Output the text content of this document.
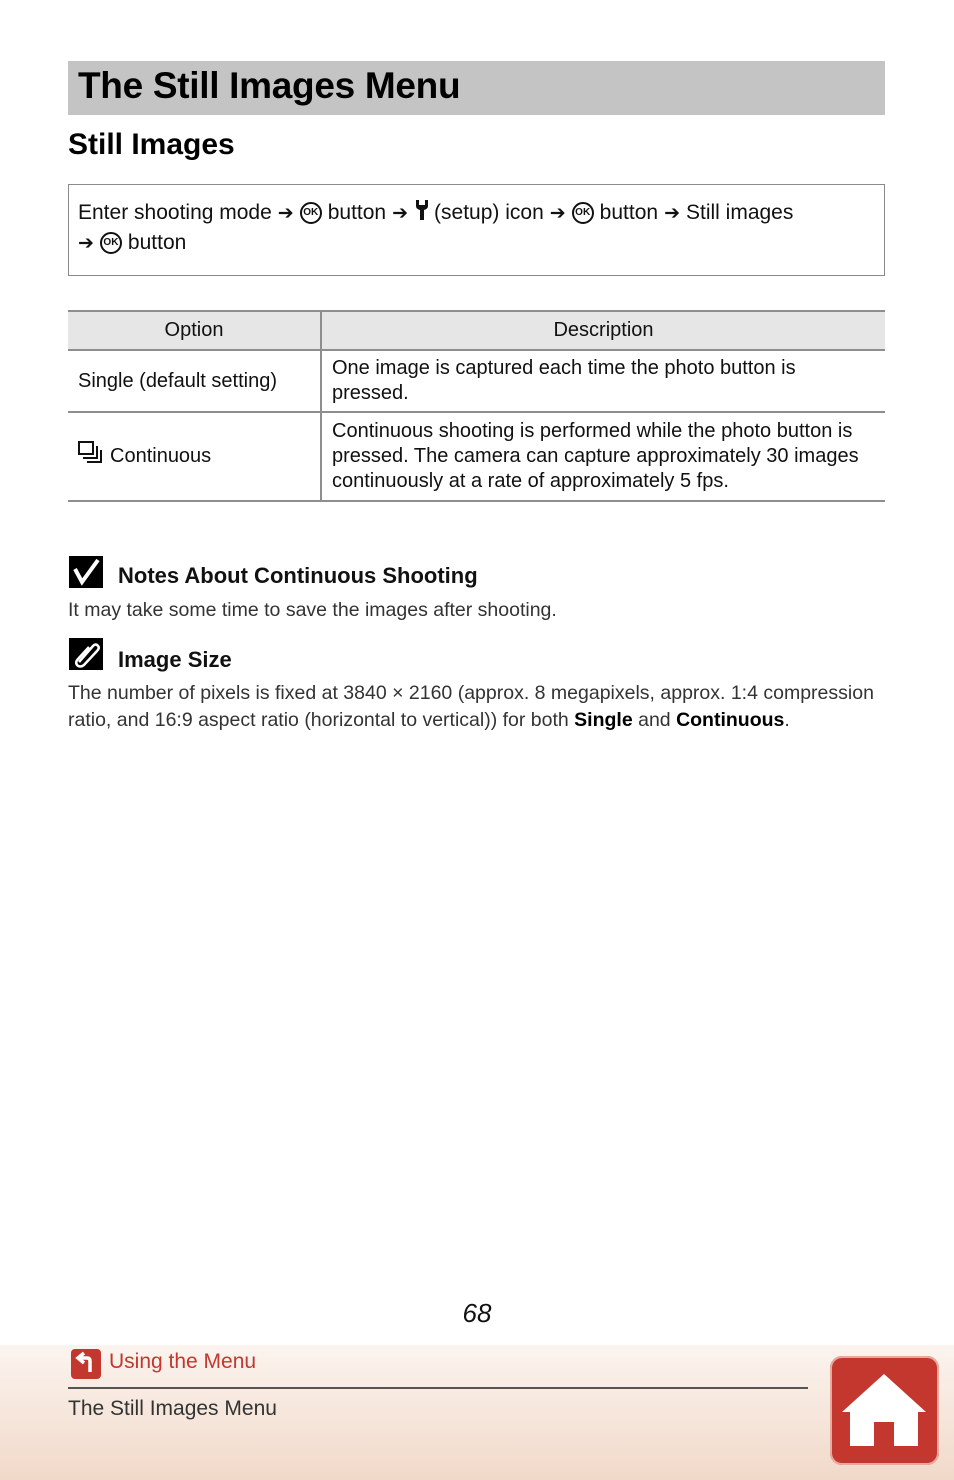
The Still Images Menu
Still Images
Enter shooting mode ➔ OK button ➔ (setup) icon ➔ OK button ➔ Still images
➔ OK button
Option	Description
Single (default setting)	One image is captured each time the photo button is pressed.
Continuous	Continuous shooting is performed while the photo button is pressed. The camera can capture approximately 30 images continuously at a rate of approximately 5 fps.
Notes About Continuous Shooting

It may take some time to save the images after shooting.

Image Size

The number of pixels is fixed at 3840 × 2160 (approx. 8 megapixels, approx. 1:4 compression ratio, and 16:9 aspect ratio (horizontal to vertical)) for both Single and Continuous.

68
Using the Menu
The Still Images Menu
